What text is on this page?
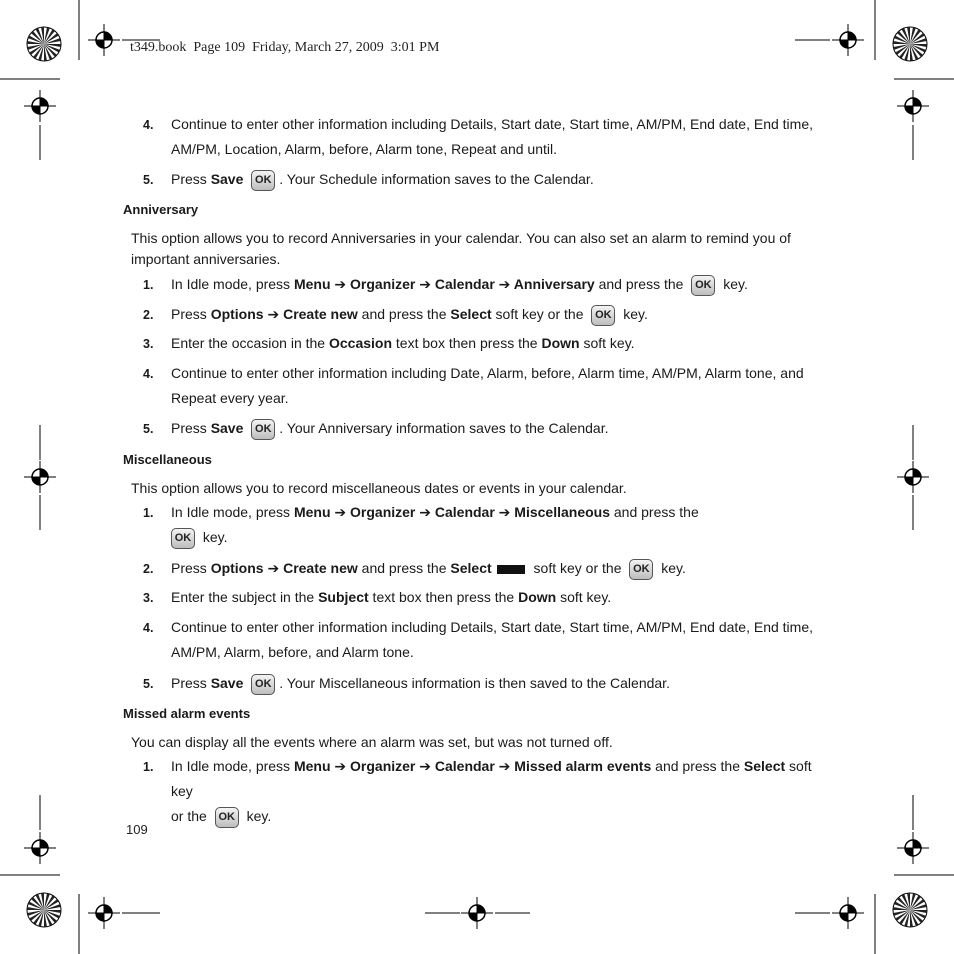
t349.book  Page 109  Friday, March 27, 2009  3:01 PM
4. Continue to enter other information including Details, Start date, Start time, AM/PM, End date, End time,
AM/PM, Location, Alarm, before, Alarm tone, Repeat and until.
5. Press Save OK . Your Schedule information saves to the Calendar.
Anniversary
This option allows you to record Anniversaries in your calendar. You can also set an alarm to remind you of important anniversaries.
1. In Idle mode, press Menu ➔ Organizer ➔ Calendar ➔ Anniversary and press the OK key.
2. Press Options ➔ Create new and press the Select soft key or the OK key.
3. Enter the occasion in the Occasion text box then press the Down soft key.
4. Continue to enter other information including Date, Alarm, before, Alarm time, AM/PM, Alarm tone, and
Repeat every year.
5. Press Save OK . Your Anniversary information saves to the Calendar.
Miscellaneous
This option allows you to record miscellaneous dates or events in your calendar.
1. In Idle mode, press Menu ➔ Organizer ➔ Calendar ➔ Miscellaneous and press the
OK key.
2. Press Options ➔ Create new and press the Select	soft key or the OK key.
3. Enter the subject in the Subject text box then press the Down soft key.
4. Continue to enter other information including Details, Start date, Start time, AM/PM, End date, End time,
AM/PM, Alarm, before, and Alarm tone.
5. Press Save OK . Your Miscellaneous information is then saved to the Calendar.
Missed alarm events
You can display all the events where an alarm was set, but was not turned off.
1. In Idle mode, press Menu ➔ Organizer ➔ Calendar ➔ Missed alarm events and press the Select soft key
or the OK key.
109
